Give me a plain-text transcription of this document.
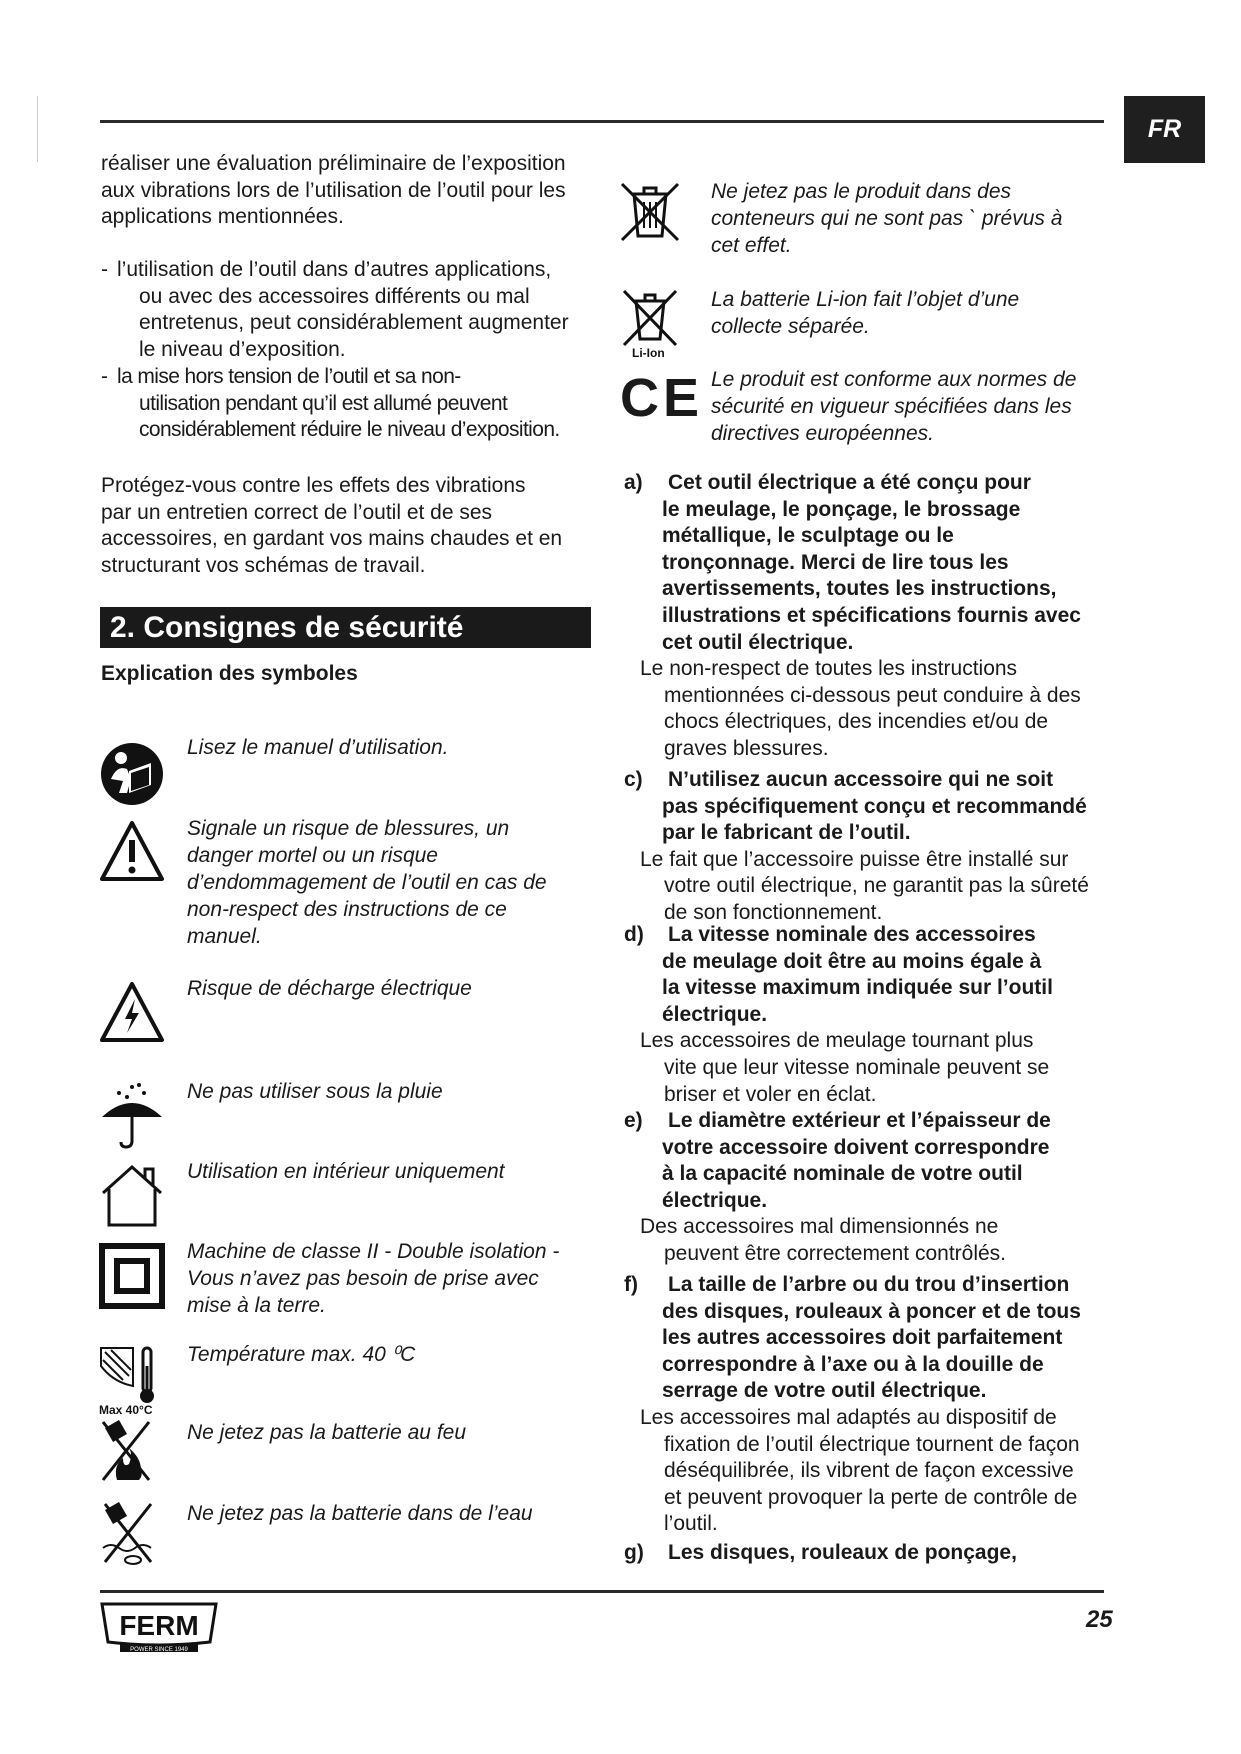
FR
réaliser une évaluation préliminaire de l’exposition
aux vibrations lors de l’utilisation de l’outil pour les
applications mentionnées.
- l’utilisation de l’outil dans d’autres applications,
ou avec des accessoires différents ou mal
entretenus, peut considérablement augmenter
le niveau d’exposition.
- la mise hors tension de l’outil et sa non-
utilisation pendant qu’il est allumé peuvent
considérablement réduire le niveau d’exposition.
Protégez-vous contre les effets des vibrations
par un entretien correct de l’outil et de ses
accessoires, en gardant vos mains chaudes et en
structurant vos schémas de travail.
2. Consignes de sécurité
Explication des symboles
Lisez le manuel d’utilisation.
Signale un risque de blessures, un
danger mortel ou un risque
d’endommagement de l’outil en cas de
non-respect des instructions de ce
manuel.
Risque de décharge électrique
Ne pas utiliser sous la pluie
Utilisation en intérieur uniquement
Machine de classe II - Double isolation -
Vous n’avez pas besoin de prise avec
mise à la terre.
Max 40°C
Température max. 40 ⁰C
Ne jetez pas la batterie au feu
Ne jetez pas la batterie dans de l’eau
Ne jetez pas le produit dans des
conteneurs qui ne sont pas ` prévus à
cet effet.
Li-Ion
La batterie Li-ion fait l’objet d’une
collecte séparée.
CE Le produit est conforme aux normes de
sécurité en vigueur spécifiées dans les
directives européennes.
a) Cet outil électrique a été conçu pour
le meulage, le ponçage, le brossage
métallique, le sculptage ou le
tronçonnage. Merci de lire tous les
avertissements, toutes les instructions,
illustrations et spécifications fournis avec
cet outil électrique.
Le non-respect de toutes les instructions
mentionnées ci-dessous peut conduire à des
chocs électriques, des incendies et/ou de
graves blessures.
c) N’utilisez aucun accessoire qui ne soit
pas spécifiquement conçu et recommandé
par le fabricant de l’outil.
Le fait que l’accessoire puisse être installé sur
votre outil électrique, ne garantit pas la sûreté
de son fonctionnement.
d) La vitesse nominale des accessoires
de meulage doit être au moins égale à
la vitesse maximum indiquée sur l’outil
électrique.
Les accessoires de meulage tournant plus
vite que leur vitesse nominale peuvent se
briser et voler en éclat.
e) Le diamètre extérieur et l’épaisseur de
votre accessoire doivent correspondre
à la capacité nominale de votre outil
électrique.
Des accessoires mal dimensionnés ne
peuvent être correctement contrôlés.
f) La taille de l’arbre ou du trou d’insertion
des disques, rouleaux à poncer et de tous
les autres accessoires doit parfaitement
correspondre à l’axe ou à la douille de
serrage de votre outil électrique.
Les accessoires mal adaptés au dispositif de
fixation de l’outil électrique tournent de façon
déséquilibrée, ils vibrent de façon excessive
et peuvent provoquer la perte de contrôle de
l’outil.
g) Les disques, rouleaux de ponçage,
FERM
POWER SINCE 1949
25
